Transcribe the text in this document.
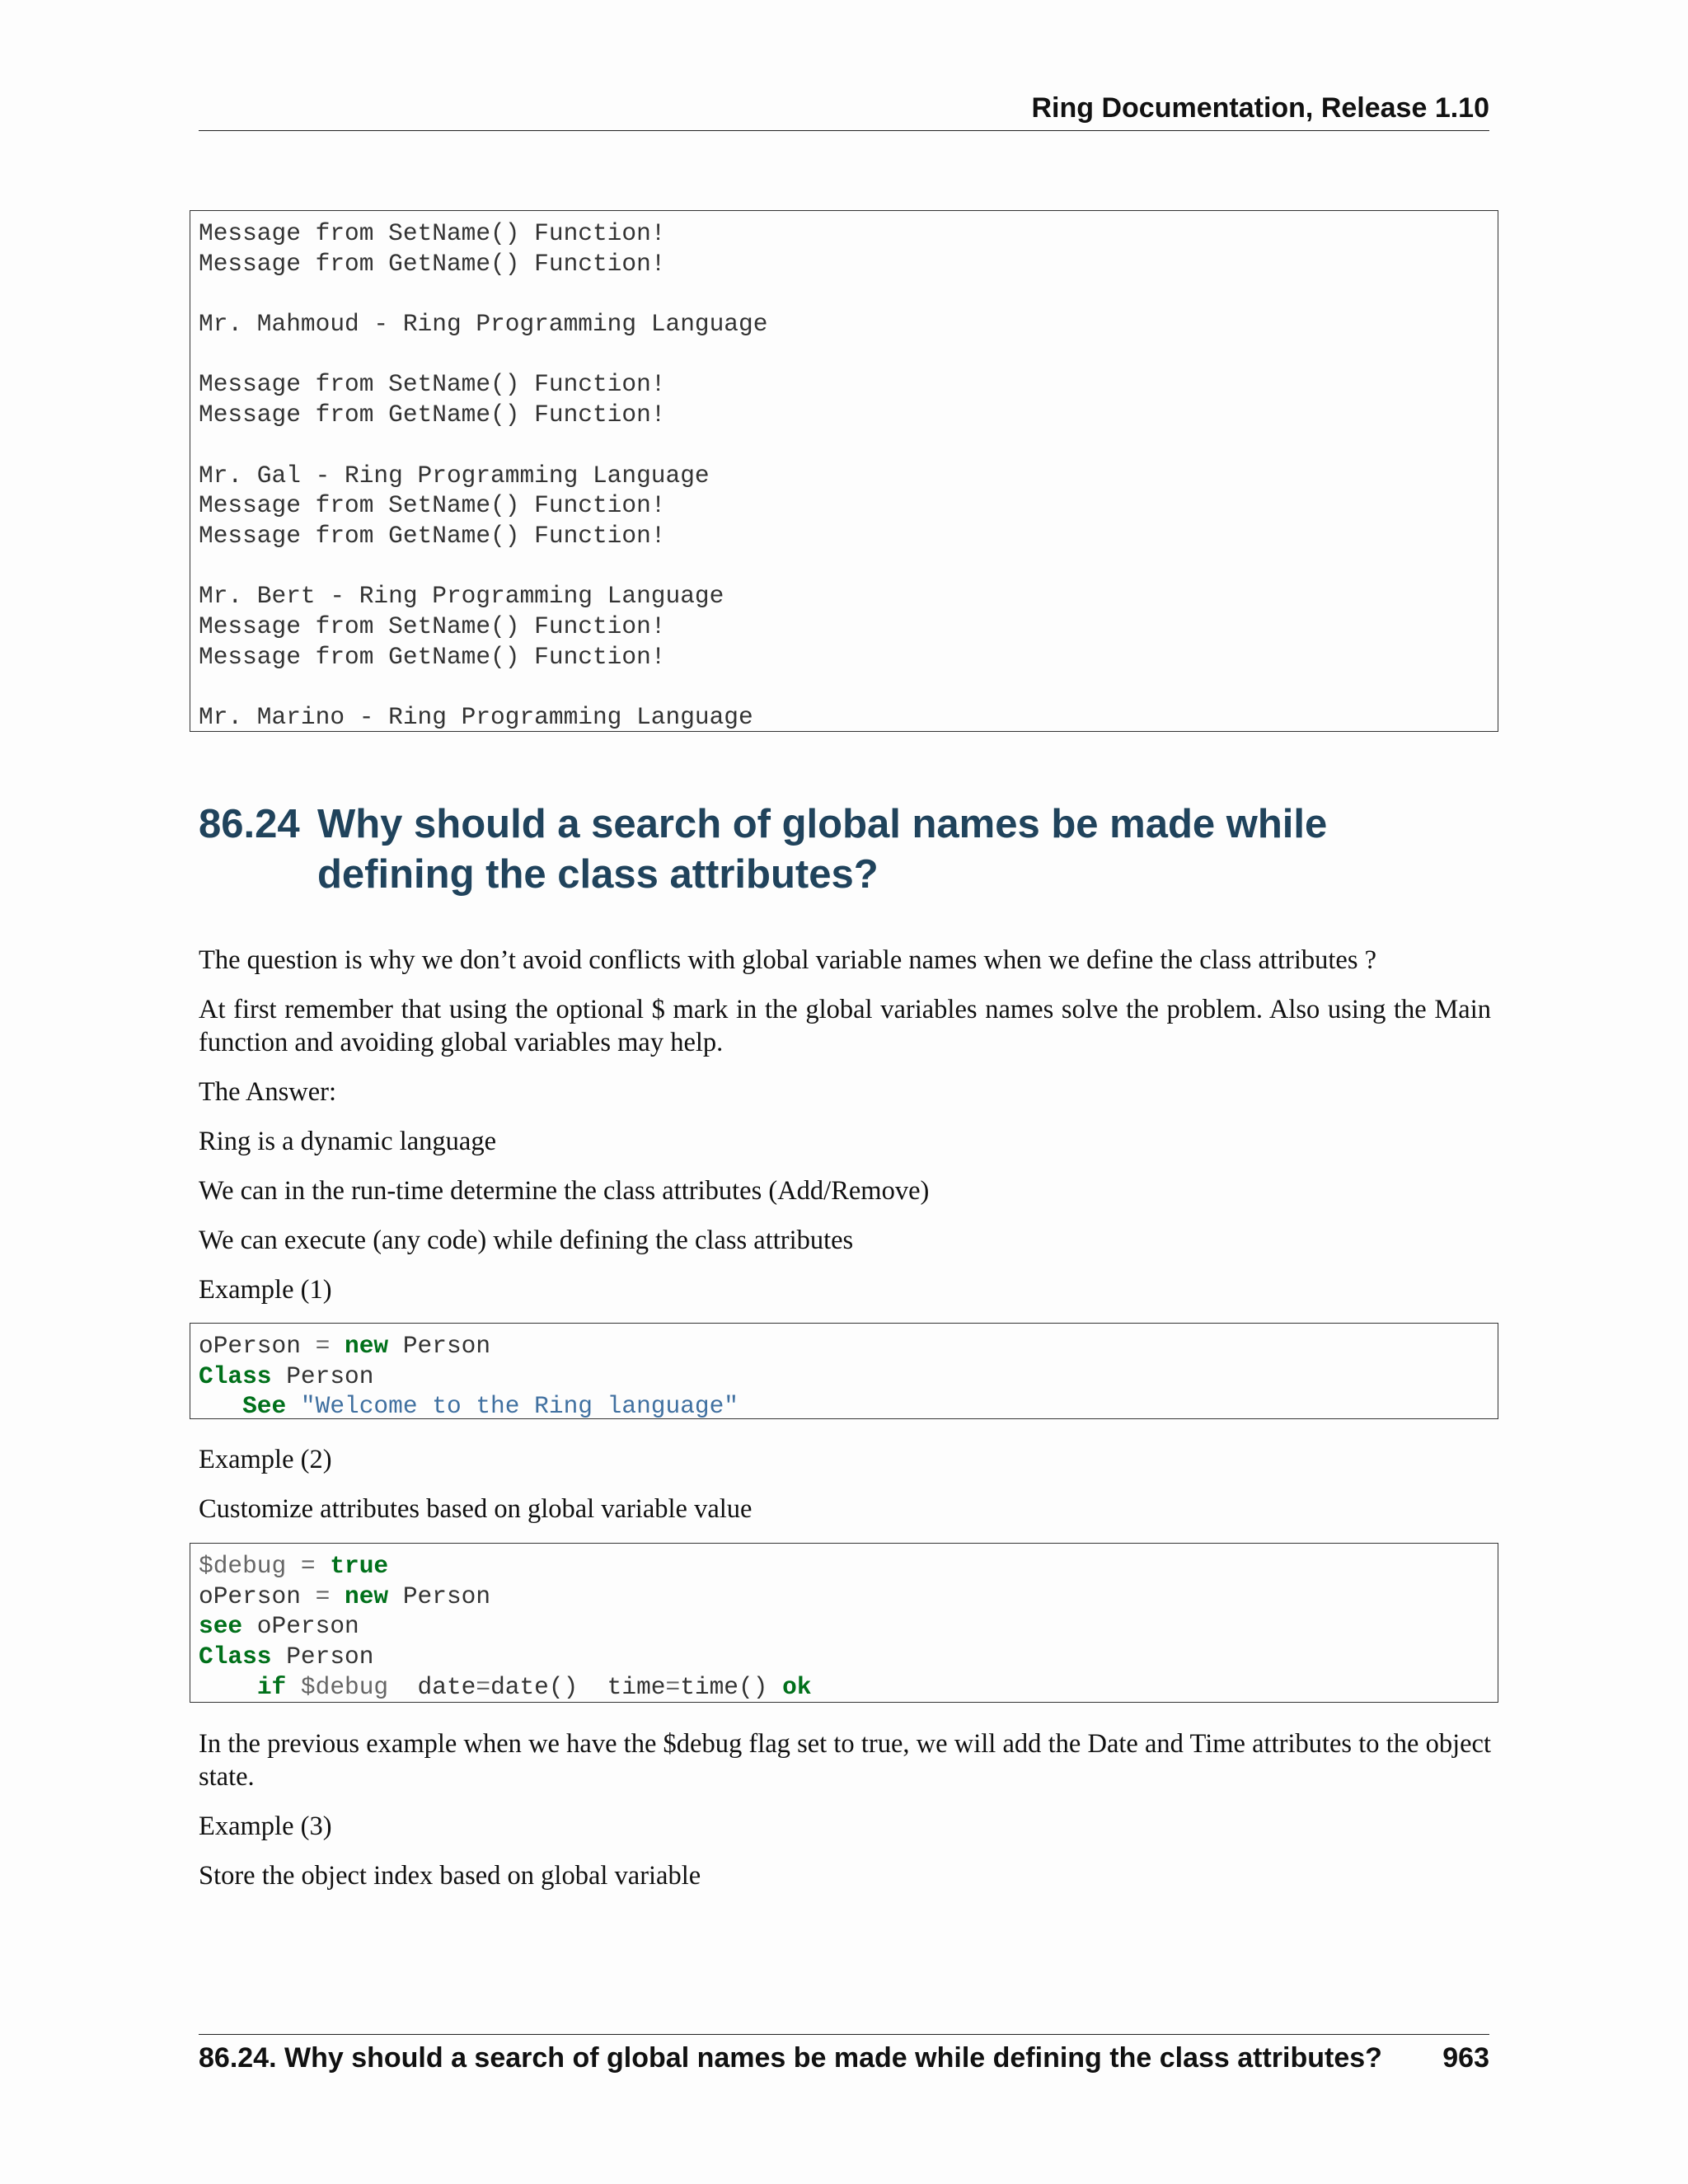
Ring Documentation, Release 1.10
Message from SetName() Function!
Message from GetName() Function!
Mr. Mahmoud - Ring Programming Language
Message from SetName() Function!
Message from GetName() Function!
Mr. Gal - Ring Programming Language
Message from SetName() Function!
Message from GetName() Function!
Mr. Bert - Ring Programming Language
Message from SetName() Function!
Message from GetName() Function!
Mr. Marino - Ring Programming Language
86.24 Why should a search of global names be made while defining the class attributes?
The question is why we don’t avoid conflicts with global variable names when we define the class attributes ?
At first remember that using the optional $ mark in the global variables names solve the problem. Also using the Main function and avoiding global variables may help.
The Answer:
Ring is a dynamic language
We can in the run-time determine the class attributes (Add/Remove)
We can execute (any code) while defining the class attributes
Example (1)
oPerson = new Person
Class Person
See "Welcome to the Ring language"
Example (2)
Customize attributes based on global variable value
$debug = true
oPerson = new Person
see oPerson
Class Person
if $debug  date=date()  time=time() ok
In the previous example when we have the $debug flag set to true, we will add the Date and Time attributes to the object state.
Example (3)
Store the object index based on global variable
86.24. Why should a search of global names be made while defining the class attributes? 963
